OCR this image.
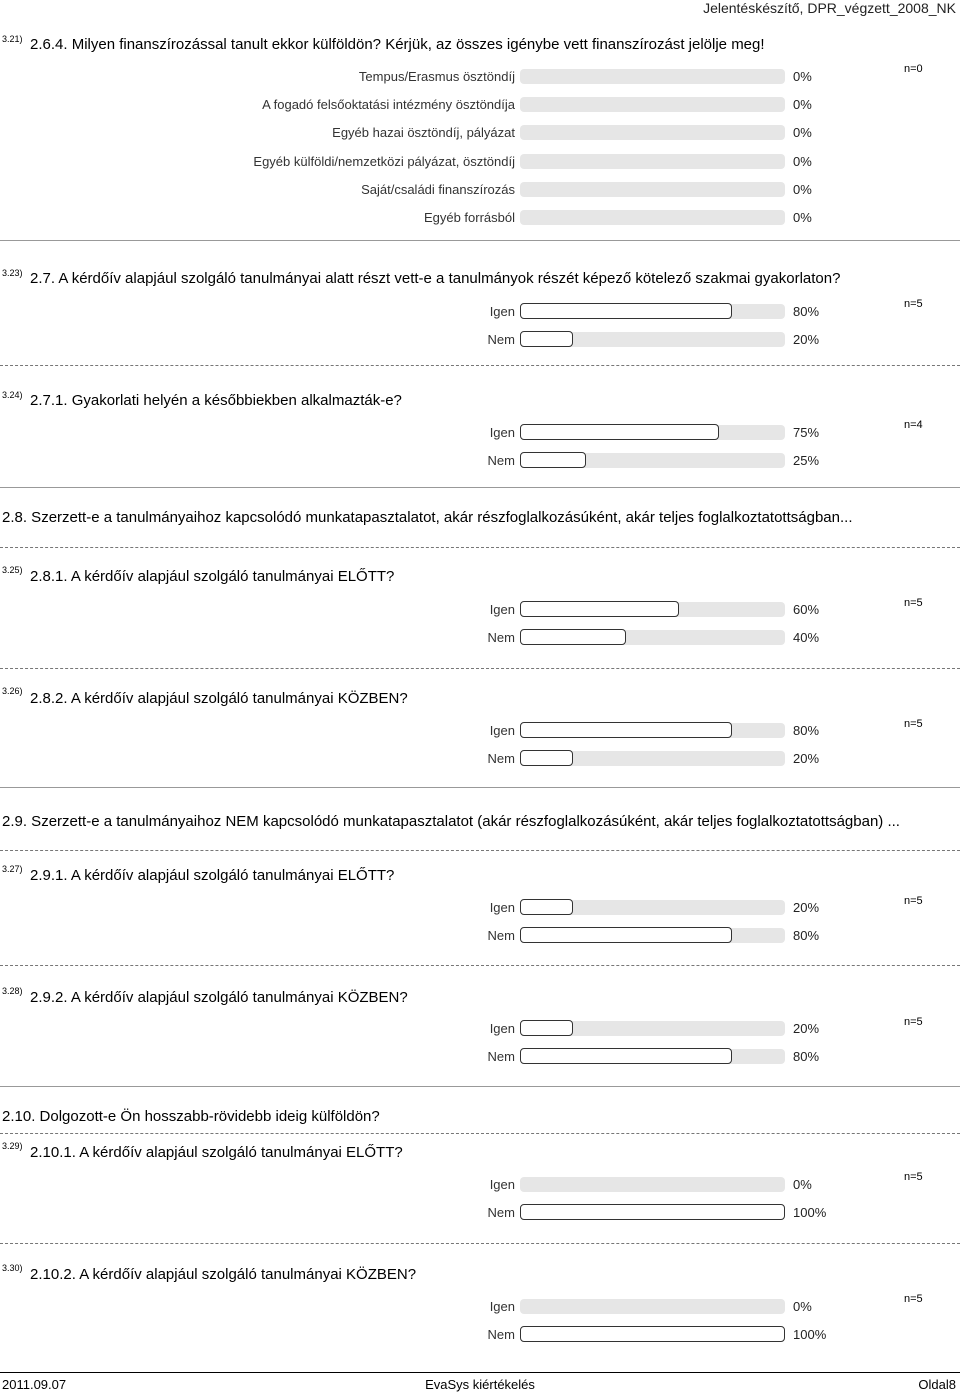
Jelentéskészítő, DPR_végzett_2008_NK
3.21) 2.6.4. Milyen finanszírozással tanult ekkor külföldön? Kérjük, az összes igénybe vett finanszírozást jelölje meg!
n=0
Tempus/Erasmus ösztöndíj	0%
A fogadó felsőoktatási intézmény ösztöndíja	0%
Egyéb hazai ösztöndíj, pályázat	0%
Egyéb külföldi/nemzetközi pályázat, ösztöndíj	0%
Saját/családi finanszírozás	0%
Egyéb forrásból	0%
3.23) 2.7. A kérdőív alapjául szolgáló tanulmányai alatt részt vett-e a tanulmányok részét képező kötelező szakmai gyakorlaton?
n=5
Igen	80%
Nem	20%
3.24) 2.7.1. Gyakorlati helyén a későbbiekben alkalmazták-e?
n=4
Igen	75%
Nem	25%
2.8. Szerzett-e a tanulmányaihoz kapcsolódó munkatapasztalatot, akár részfoglalkozásúként, akár teljes foglalkoztatottságban...
3.25) 2.8.1. A kérdőív alapjául szolgáló tanulmányai ELŐTT?
n=5
Igen	60%
Nem	40%
3.26) 2.8.2. A kérdőív alapjául szolgáló tanulmányai KÖZBEN?
n=5
Igen	80%
Nem	20%
2.9. Szerzett-e a tanulmányaihoz NEM kapcsolódó munkatapasztalatot (akár részfoglalkozásúként, akár teljes foglalkoztatottságban) ...
3.27) 2.9.1. A kérdőív alapjául szolgáló tanulmányai ELŐTT?
n=5
Igen	20%
Nem	80%
3.28) 2.9.2. A kérdőív alapjául szolgáló tanulmányai KÖZBEN?
n=5
Igen	20%
Nem	80%
2.10. Dolgozott-e Ön hosszabb-rövidebb ideig külföldön?
3.29) 2.10.1. A kérdőív alapjául szolgáló tanulmányai ELŐTT?
n=5
Igen	0%
Nem	100%
3.30) 2.10.2. A kérdőív alapjául szolgáló tanulmányai KÖZBEN?
n=5
Igen	0%
Nem	100%
2011.09.07	EvaSys kiértékelés	Oldal8
